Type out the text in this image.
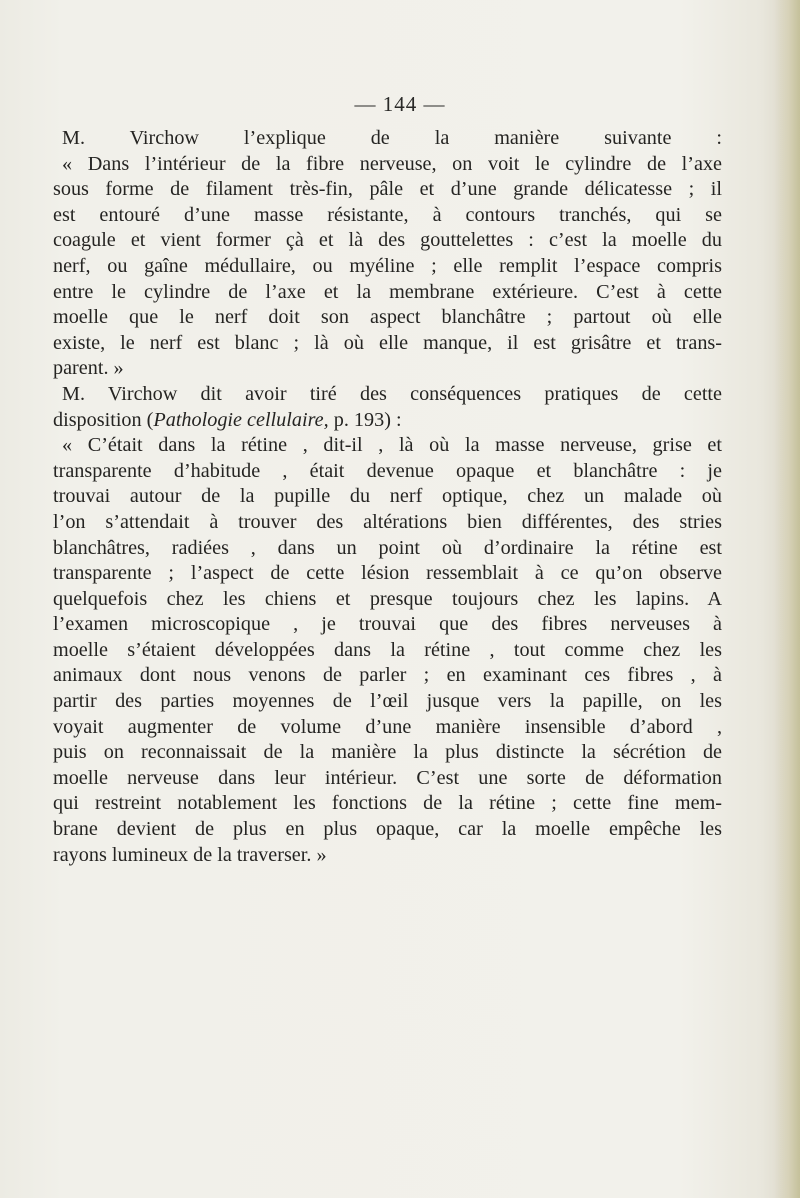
— 144 —
M. Virchow l’explique de la manière suivante :
« Dans l’intérieur de la fibre nerveuse, on voit le cylindre de l’axe
sous forme de filament très-fin, pâle et d’une grande délicatesse ; il
est entouré d’une masse résistante, à contours tranchés, qui se
coagule et vient former çà et là des gouttelettes : c’est la moelle du
nerf, ou gaîne médullaire, ou myéline ; elle remplit l’espace compris
entre le cylindre de l’axe et la membrane extérieure. C’est à cette
moelle que le nerf doit son aspect blanchâtre ; partout où elle
existe, le nerf est blanc ; là où elle manque, il est grisâtre et trans-
parent. »
M. Virchow dit avoir tiré des conséquences pratiques de cette
disposition (Pathologie cellulaire, p. 193) :
« C’était dans la rétine , dit-il , là où la masse nerveuse, grise et
transparente d’habitude , était devenue opaque et blanchâtre : je
trouvai autour de la pupille du nerf optique, chez un malade où
l’on s’attendait à trouver des altérations bien différentes, des stries
blanchâtres, radiées , dans un point où d’ordinaire la rétine est
transparente ; l’aspect de cette lésion ressemblait à ce qu’on observe
quelquefois chez les chiens et presque toujours chez les lapins. A
l’examen microscopique , je trouvai que des fibres nerveuses à
moelle s’étaient développées dans la rétine , tout comme chez les
animaux dont nous venons de parler ; en examinant ces fibres , à
partir des parties moyennes de l’œil jusque vers la papille, on les
voyait augmenter de volume d’une manière insensible d’abord ,
puis on reconnaissait de la manière la plus distincte la sécrétion de
moelle nerveuse dans leur intérieur. C’est une sorte de déformation
qui restreint notablement les fonctions de la rétine ; cette fine mem-
brane devient de plus en plus opaque, car la moelle empêche les
rayons lumineux de la traverser. »
